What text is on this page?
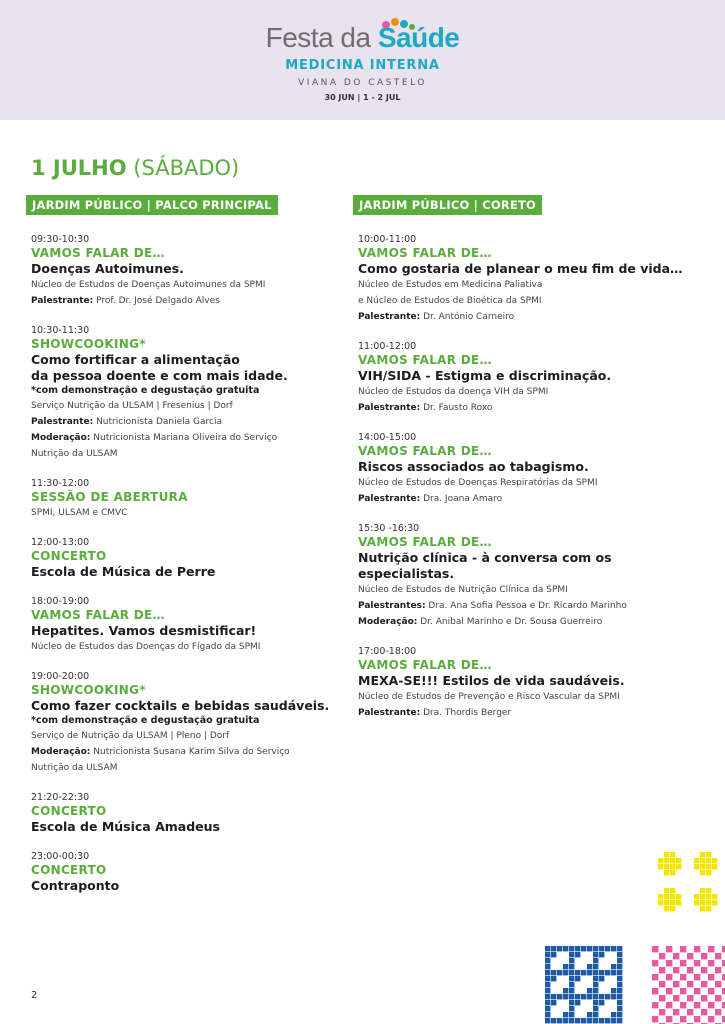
Festa da Saúde
MEDICINA INTERNA
VIANA DO CASTELO
30 JUN | 1 - 2 JUL
1 JULHO (SÁBADO)
JARDIM PÚBLICO | PALCO PRINCIPAL
09:30-10:30
VAMOS FALAR DE…
Doenças Autoimunes.
Núcleo de Estudos de Doenças Autoimunes da SPMI
Palestrante: Prof. Dr. José Delgado Alves
10:30-11:30
SHOWCOOKING*
Como fortificar a alimentação
da pessoa doente e com mais idade.
*com demonstração e degustação gratuita
Serviço Nutrição da ULSAM | Fresenius | Dorf
Palestrante: Nutricionista Daniela Garcia
Moderação: Nutricionista Mariana Oliveira do Serviço
Nutrição da ULSAM
11:30-12:00
SESSÃO DE ABERTURA
SPMI, ULSAM e CMVC
12:00-13:00
CONCERTO
Escola de Música de Perre
18:00-19:00
VAMOS FALAR DE…
Hepatites. Vamos desmistificar!
Núcleo de Estudos das Doenças do Fígado da SPMI
19:00-20:00
SHOWCOOKING*
Como fazer cocktails e bebidas saudáveis.
*com demonstração e degustação gratuita
Serviço de Nutrição da ULSAM | Pleno | Dorf
Moderação: Nutricionista Susana Karim Silva do Serviço
Nutrição da ULSAM
21:20-22:30
CONCERTO
Escola de Música Amadeus
23:00-00:30
CONCERTO
Contraponto
JARDIM PÚBLICO | CORETO
10:00-11:00
VAMOS FALAR DE…
Como gostaria de planear o meu fim de vida…
Núcleo de Estudos em Medicina Paliativa
e Núcleo de Estudos de Bioética da SPMI
Palestrante: Dr. António Carneiro
11:00-12:00
VAMOS FALAR DE…
VIH/SIDA - Estigma e discriminação.
Núcleo de Estudos da doença VIH da SPMI
Palestrante: Dr. Fausto Roxo
14:00-15:00
VAMOS FALAR DE…
Riscos associados ao tabagismo.
Núcleo de Estudos de Doenças Respiratórias da SPMI
Palestrante: Dra. Joana Amaro
15:30 -16:30
VAMOS FALAR DE…
Nutrição clínica - à conversa com os especialistas.
Núcleo de Estudos de Nutrição Clínica da SPMI
Palestrantes: Dra. Ana Sofia Pessoa e Dr. Ricardo Marinho
Moderação: Dr. Anibal Marinho e Dr. Sousa Guerreiro
17:00-18:00
VAMOS FALAR DE…
MEXA-SE!!! Estilos de vida saudáveis.
Núcleo de Estudos de Prevenção e Risco Vascular da SPMI
Palestrante: Dra. Thordis Berger
2
